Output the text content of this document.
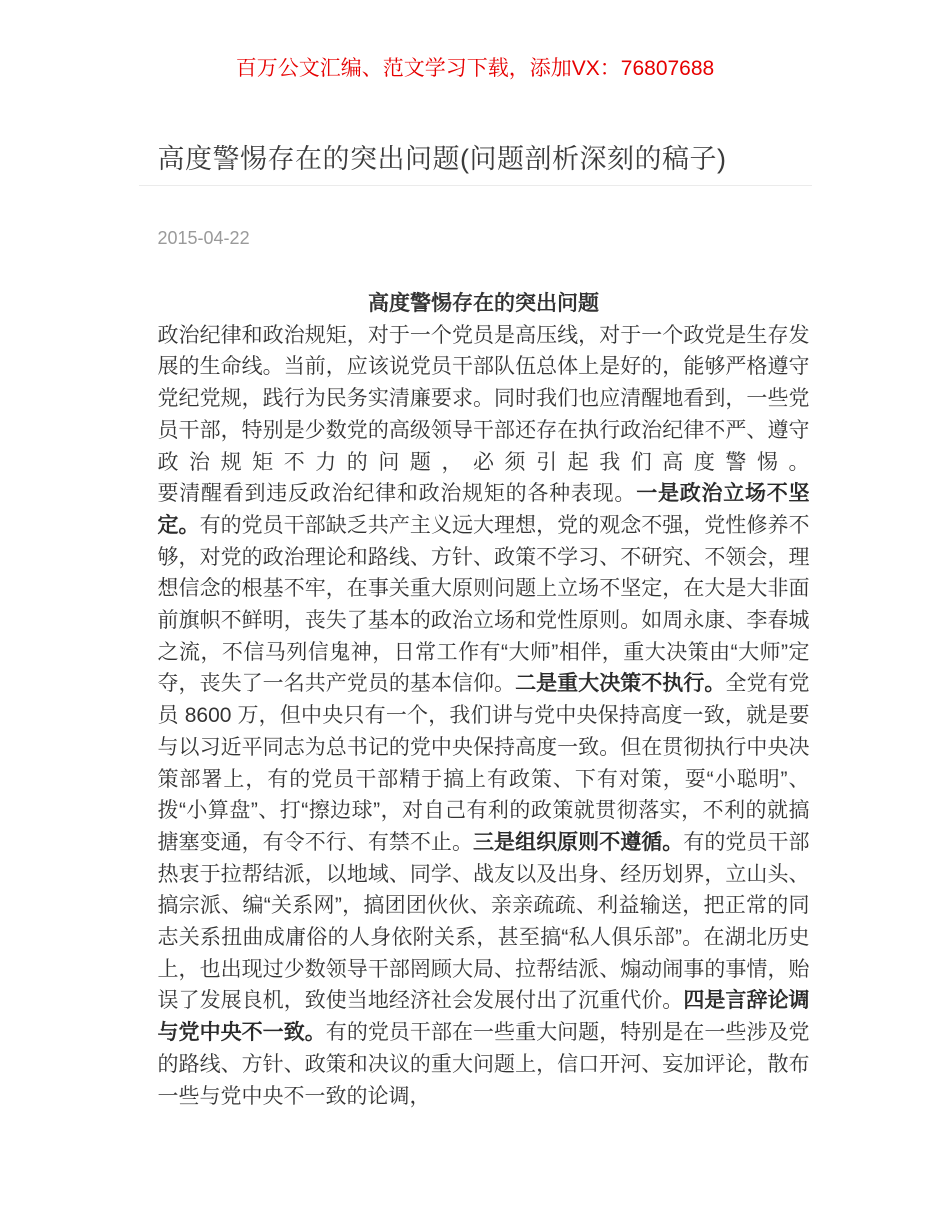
百万公文汇编、范文学习下载，添加VX：76807688
高度警惕存在的突出问题(问题剖析深刻的稿子)
2015-04-22

高度警惕存在的突出问题

政治纪律和政治规矩，对于一个党员是高压线，对于一个政党是生存发展的生命线。当前，应该说党员干部队伍总体上是好的，能够严格遵守党纪党规，践行为民务实清廉要求。同时我们也应清醒地看到，一些党员干部，特别是少数党的高级领导干部还存在执行政治纪律不严、遵守政治规矩不力的问题，必须引起我们高度警惕。

要清醒看到违反政治纪律和政治规矩的各种表现。一是政治立场不坚定。有的党员干部缺乏共产主义远大理想，党的观念不强，党性修养不够，对党的政治理论和路线、方针、政策不学习、不研究、不领会，理想信念的根基不牢，在事关重大原则问题上立场不坚定，在大是大非面前旗帜不鲜明，丧失了基本的政治立场和党性原则。如周永康、李春城之流，不信马列信鬼神，日常工作有“大师”相伴，重大决策由“大师”定夺，丧失了一名共产党员的基本信仰。二是重大决策不执行。全党有党员 8600 万，但中央只有一个，我们讲与党中央保持高度一致，就是要与以习近平同志为总书记的党中央保持高度一致。但在贯彻执行中央决策部署上，有的党员干部精于搞上有政策、下有对策，耍“小聪明”、拨“小算盘”、打“擦边球”，对自己有利的政策就贯彻落实，不利的就搞搪塞变通，有令不行、有禁不止。三是组织原则不遵循。有的党员干部热衷于拉帮结派，以地域、同学、战友以及出身、经历划界，立山头、搞宗派、编“关系网”，搞团团伙伙、亲亲疏疏、利益输送，把正常的同志关系扭曲成庸俗的人身依附关系，甚至搞“私人俱乐部”。在湖北历史上，也出现过少数领导干部罔顾大局、拉帮结派、煽动闹事的事情，贻误了发展良机，致使当地经济社会发展付出了沉重代价。四是言辞论调与党中央不一致。有的党员干部在一些重大问题，特别是在一些涉及党的路线、方针、政策和决议的重大问题上，信口开河、妄加评论，散布一些与党中央不一致的论调，
